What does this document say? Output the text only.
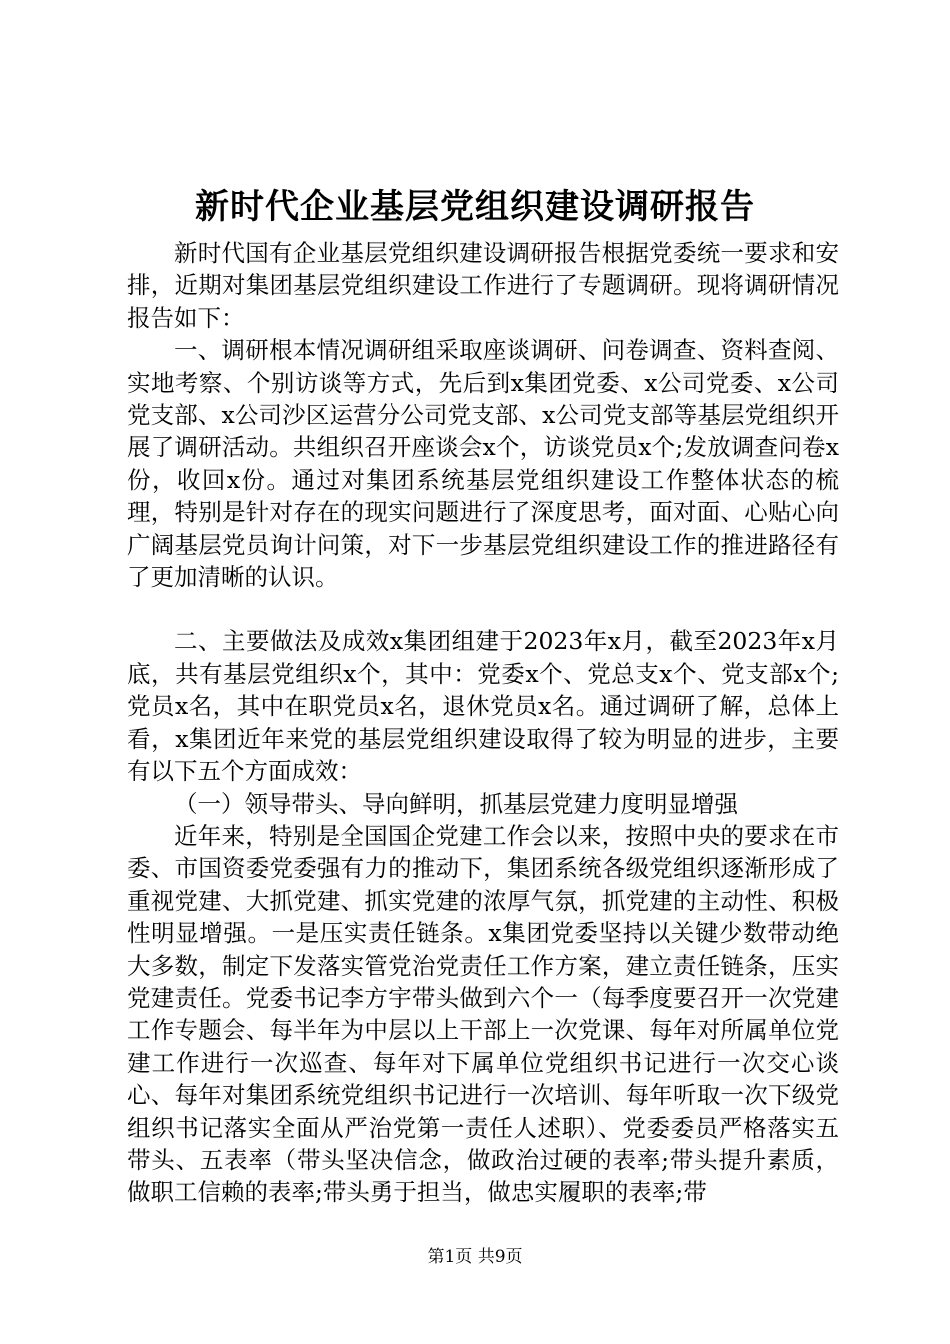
新时代企业基层党组织建设调研报告

新时代国有企业基层党组织建设调研报告根据党委统一要求和安排，近期对集团基层党组织建设工作进行了专题调研。现将调研情况报告如下：

一、调研根本情况调研组采取座谈调研、问卷调查、资料查阅、实地考察、个别访谈等方式，先后到x集团党委、x公司党委、x公司党支部、x公司沙区运营分公司党支部、x公司党支部等基层党组织开展了调研活动。共组织召开座谈会x个，访谈党员x个;发放调查问卷x份，收回x份。通过对集团系统基层党组织建设工作整体状态的梳理，特别是针对存在的现实问题进行了深度思考，面对面、心贴心向广阔基层党员询计问策，对下一步基层党组织建设工作的推进路径有了更加清晰的认识。

二、主要做法及成效x集团组建于2023年x月，截至2023年x月底，共有基层党组织x个，其中：党委x个、党总支x个、党支部x个;党员x名，其中在职党员x名，退休党员x名。通过调研了解，总体上看，x集团近年来党的基层党组织建设取得了较为明显的进步，主要有以下五个方面成效：

（一）领导带头、导向鲜明，抓基层党建力度明显增强

近年来，特别是全国国企党建工作会以来，按照中央的要求在市委、市国资委党委强有力的推动下，集团系统各级党组织逐渐形成了重视党建、大抓党建、抓实党建的浓厚气氛，抓党建的主动性、积极性明显增强。一是压实责任链条。x集团党委坚持以关键少数带动绝大多数，制定下发落实管党治党责任工作方案，建立责任链条，压实党建责任。党委书记李方宇带头做到六个一（每季度要召开一次党建工作专题会、每半年为中层以上干部上一次党课、每年对所属单位党建工作进行一次巡查、每年对下属单位党组织书记进行一次交心谈心、每年对集团系统党组织书记进行一次培训、每年听取一次下级党组织书记落实全面从严治党第一责任人述职）、党委委员严格落实五带头、五表率（带头坚决信念，做政治过硬的表率;带头提升素质，做职工信赖的表率;带头勇于担当，做忠实履职的表率;带

第1页 共9页
